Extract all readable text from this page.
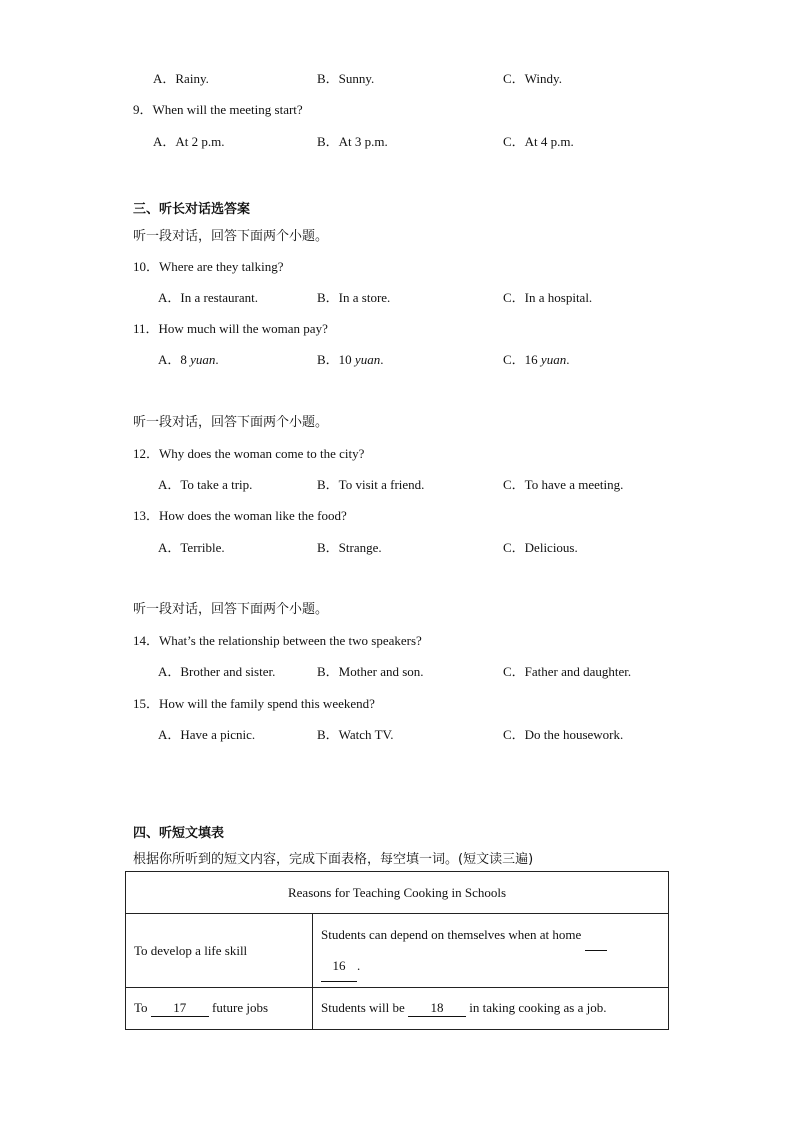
A．Rainy.	B．Sunny.	C．Windy.
9．When will the meeting start?
A．At 2 p.m.	B．At 3 p.m.	C．At 4 p.m.
三、听长对话选答案
听一段对话，回答下面两个小题。
10．Where are they talking?
A．In a restaurant.	B．In a store.	C．In a hospital.
11．How much will the woman pay?
A．8 yuan.	B．10 yuan.	C．16 yuan.
听一段对话，回答下面两个小题。
12．Why does the woman come to the city?
A．To take a trip.	B．To visit a friend.	C．To have a meeting.
13．How does the woman like the food?
A．Terrible.	B．Strange.	C．Delicious.
听一段对话，回答下面两个小题。
14．What’s the relationship between the two speakers?
A．Brother and sister.	B．Mother and son.	C．Father and daughter.
15．How will the family spend this weekend?
A．Have a picnic.	B．Watch TV.	C．Do the housework.
四、听短文填表
根据你所听到的短文内容，完成下面表格，每空填一词。(短文读三遍)
Reasons for Teaching Cooking in Schools	
To develop a life skill	Students can depend on themselves when at home
16 .
To 17 future jobs	Students will be 18 in taking cooking as a job.
